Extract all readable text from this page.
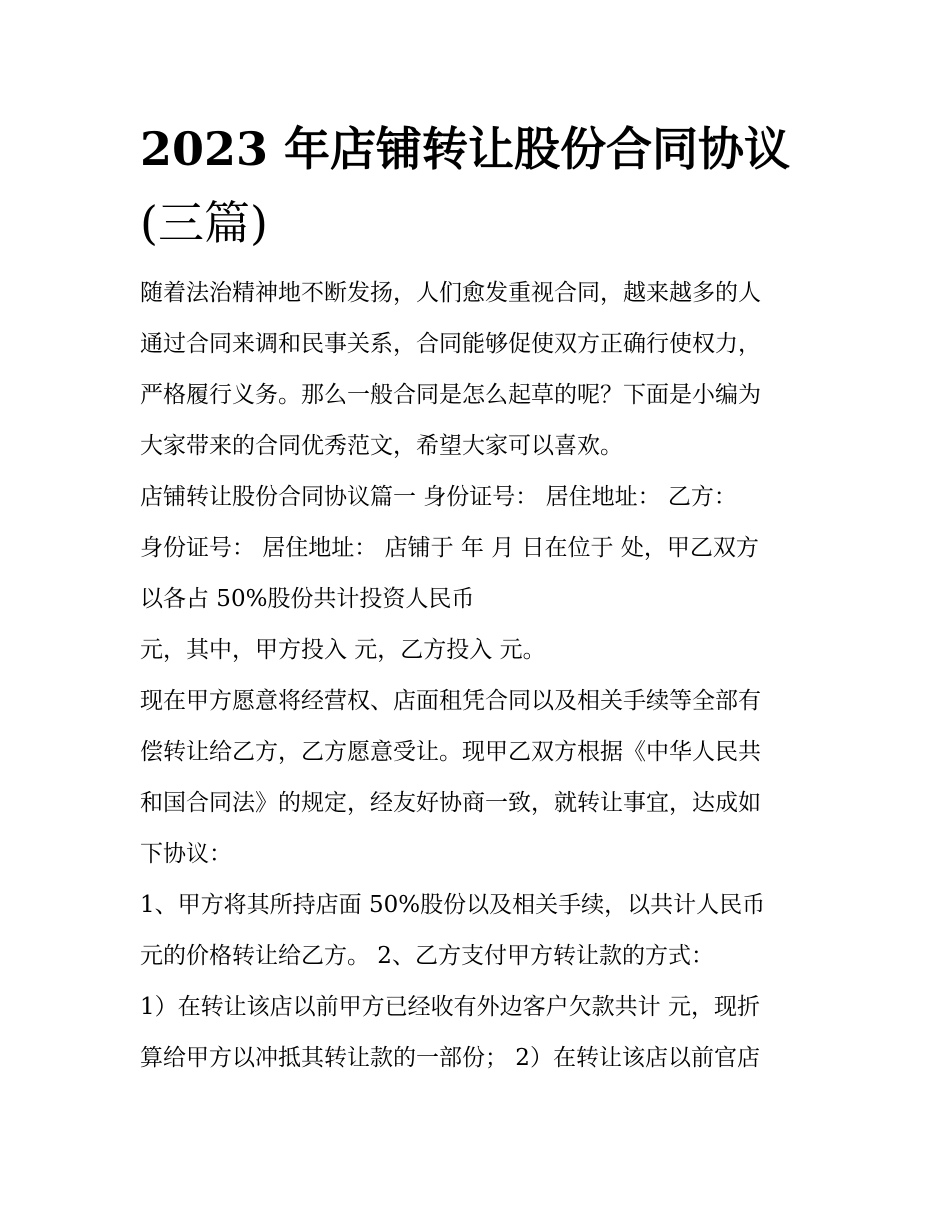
2023 年店铺转让股份合同协议
(三篇)

随着法治精神地不断发扬，人们愈发重视合同，越来越多的人
通过合同来调和民事关系，合同能够促使双方正确行使权力，
严格履行义务。那么一般合同是怎么起草的呢？下面是小编为
大家带来的合同优秀范文，希望大家可以喜欢。

店铺转让股份合同协议篇一 身份证号： 居住地址： 乙方：
身份证号： 居住地址： 店铺于 年 月 日在位于 处，甲乙双方
以各占 50%股份共计投资人民币

元，其中，甲方投入 元，乙方投入 元。

现在甲方愿意将经营权、店面租凭合同以及相关手续等全部有
偿转让给乙方，乙方愿意受让。现甲乙双方根据《中华人民共
和国合同法》的规定，经友好协商一致，就转让事宜，达成如
下协议：

1、甲方将其所持店面 50%股份以及相关手续，以共计人民币
元的价格转让给乙方。 2、乙方支付甲方转让款的方式：

1）在转让该店以前甲方已经收有外边客户欠款共计 元，现折
算给甲方以冲抵其转让款的一部份； 2）在转让该店以前官店
